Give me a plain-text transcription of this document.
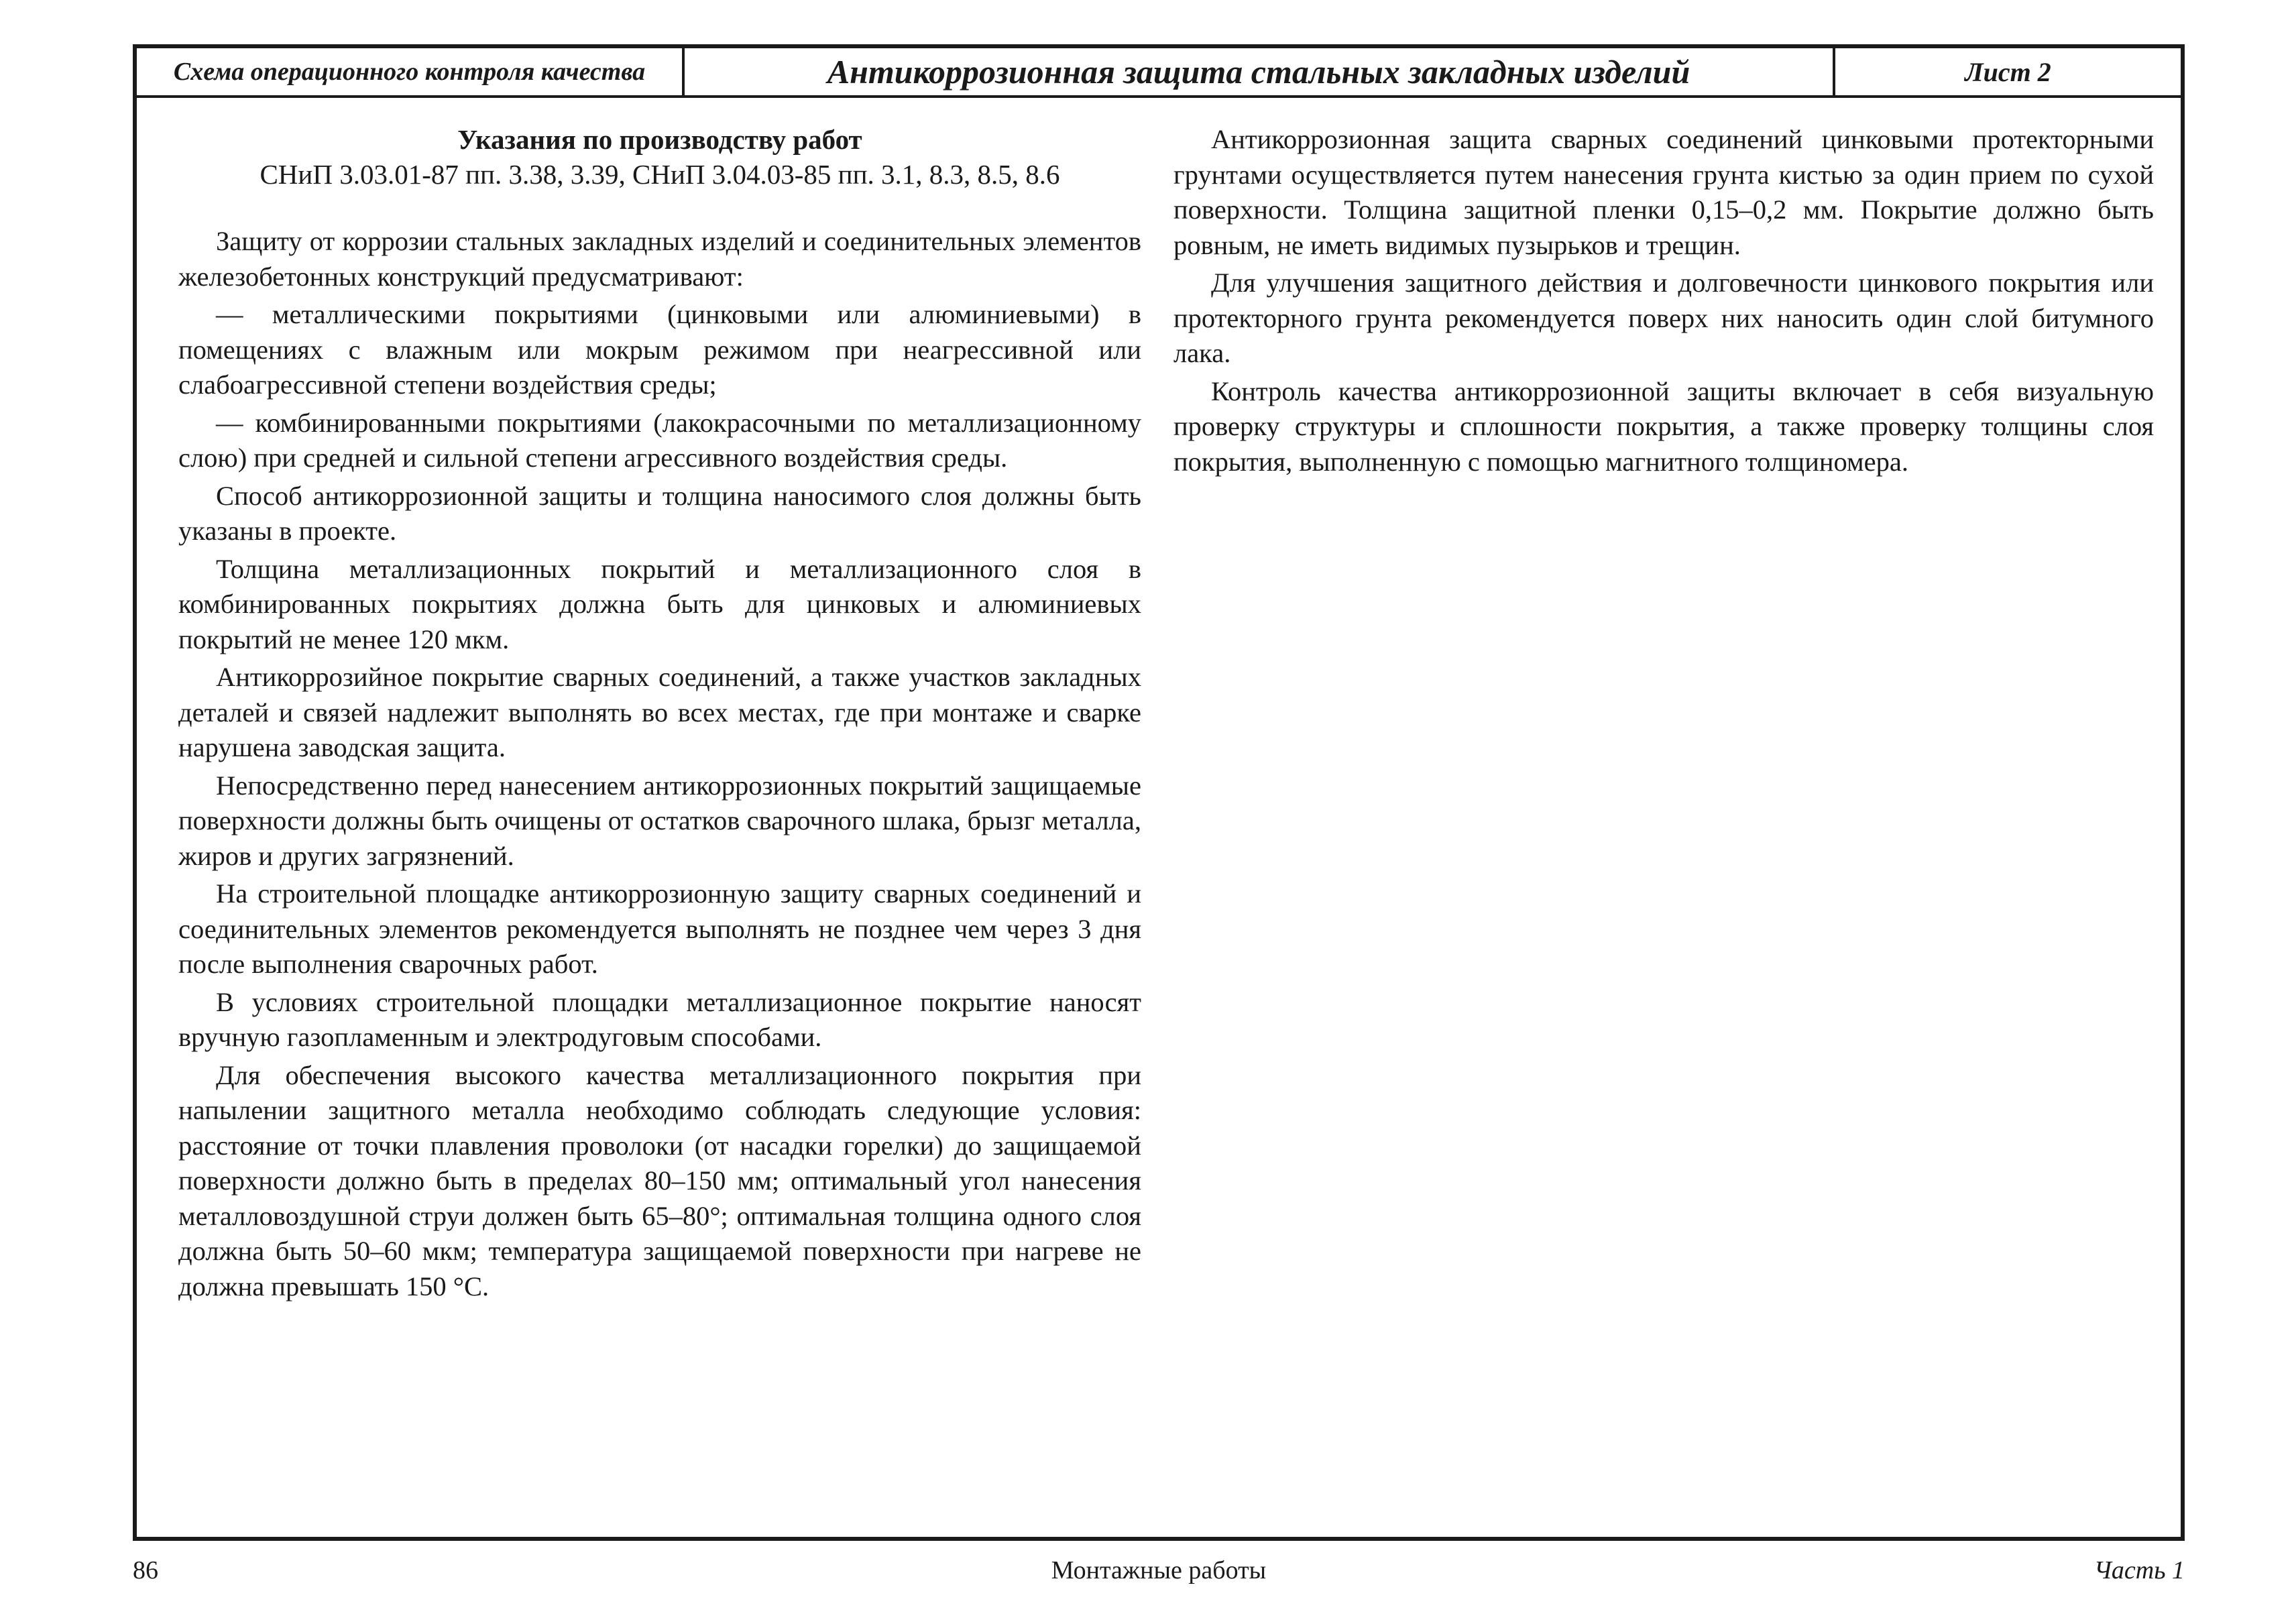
Схема операционного контроля качества	Антикоррозионная защита стальных закладных изделий	Лист 2
Указания по производству работ
СНиП 3.03.01-87 пп. 3.38, 3.39, СНиП 3.04.03-85 пп. 3.1, 8.3, 8.5, 8.6

Защиту от коррозии стальных закладных изделий и соединительных элементов железобетонных конструкций предусматривают:

— металлическими покрытиями (цинковыми или алюминиевыми) в помещениях с влажным или мокрым режимом при неагрессивной или слабоагрессивной степени воздействия среды;

— комбинированными покрытиями (лакокрасочными по металлизационному слою) при средней и сильной степени агрессивного воздействия среды.

Способ антикоррозионной защиты и толщина наносимого слоя должны быть указаны в проекте.

Толщина металлизационных покрытий и металлизационного слоя в комбинированных покрытиях должна быть для цинковых и алюминиевых покрытий не менее 120 мкм.

Антикоррозийное покрытие сварных соединений, а также участков закладных деталей и связей надлежит выполнять во всех местах, где при монтаже и сварке нарушена заводская защита.

Непосредственно перед нанесением антикоррозионных покрытий защищаемые поверхности должны быть очищены от остатков сварочного шлака, брызг металла, жиров и других загрязнений.

На строительной площадке антикоррозионную защиту сварных соединений и соединительных элементов рекомендуется выполнять не позднее чем через 3 дня после выполнения сварочных работ.

В условиях строительной площадки металлизационное покрытие наносят вручную газопламенным и электродуговым способами.

Для обеспечения высокого качества металлизационного покрытия при напылении защитного металла необходимо соблюдать следующие условия: расстояние от точки плавления проволоки (от насадки горелки) до защищаемой поверхности должно быть в пределах 80–150 мм; оптимальный угол нанесения металловоздушной струи должен быть 65–80°; оптимальная толщина одного слоя должна быть 50–60 мкм; температура защищаемой поверхности при нагреве не должна превышать 150 °С.

Антикоррозионная защита сварных соединений цинковыми протекторными грунтами осуществляется путем нанесения грунта кистью за один прием по сухой поверхности. Толщина защитной пленки 0,15–0,2 мм. Покрытие должно быть ровным, не иметь видимых пузырьков и трещин.

Для улучшения защитного действия и долговечности цинкового покрытия или протекторного грунта рекомендуется поверх них наносить один слой битумного лака.

Контроль качества антикоррозионной защиты включает в себя визуальную проверку структуры и сплошности покрытия, а также проверку толщины слоя покрытия, выполненную с помощью магнитного толщиномера.

Монтажные работы
86	Часть 1
